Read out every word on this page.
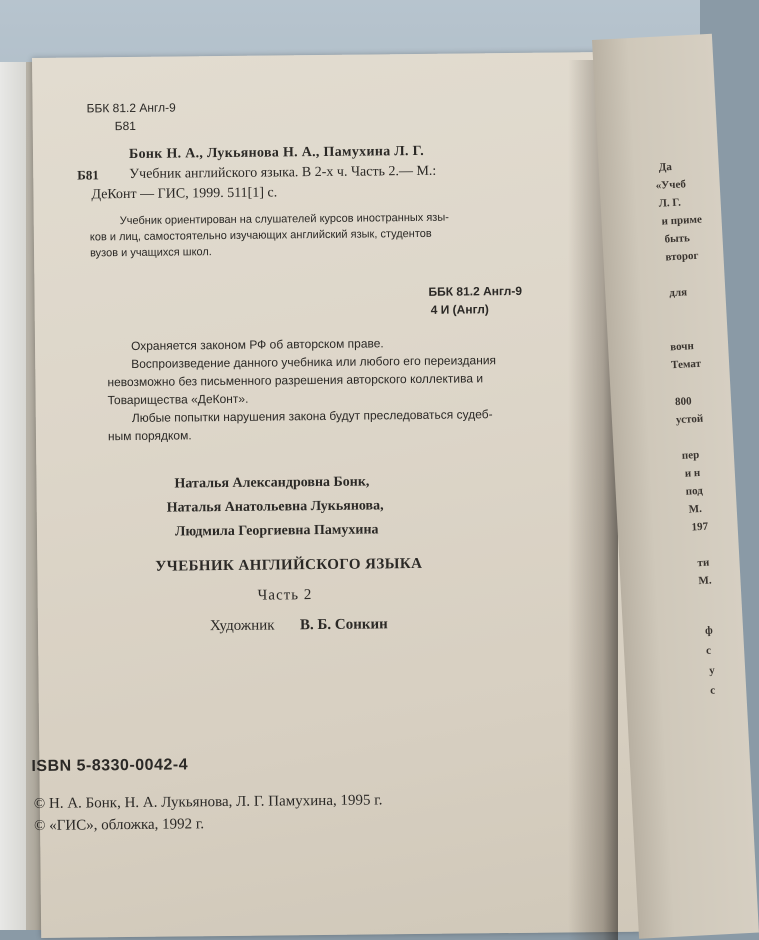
ББК 81.2 Англ-9
Б81
Б81
Бонк Н. А., Лукьянова Н. А., Памухина Л. Г.
Учебник английского языка. В 2-х ч. Часть 2.— М.:
ДеКонт — ГИС, 1999. 511[1] с.
Учебник ориентирован на слушателей курсов иностранных язы-
ков и лиц, самостоятельно изучающих английский язык, студентов
вузов и учащихся школ.
ББК 81.2 Англ-9
4 И (Англ)
Охраняется законом РФ об авторском праве.
Воспроизведение данного учебника или любого его переиздания
невозможно без письменного разрешения авторского коллектива и
Товарищества «ДеКонт».
Любые попытки нарушения закона будут преследоваться судеб-
ным порядком.
Наталья Александровна Бонк,
Наталья Анатольевна Лукьянова,
Людмила Георгиевна Памухина
УЧЕБНИК АНГЛИЙСКОГО ЯЗЫКА
Часть 2
Художник В. Б. Сонкин
ISBN 5-8330-0042-4
© Н. А. Бонк, Н. А. Лукьянова, Л. Г. Памухина, 1995 г.
© «ГИС», обложка, 1992 г.
Да
«Учеб
Л. Г.
и приме
быть
второг
для
вочн
Темат
800
устой
пер
и н
под
М.
197
ти
М.
ф
с
у
с
